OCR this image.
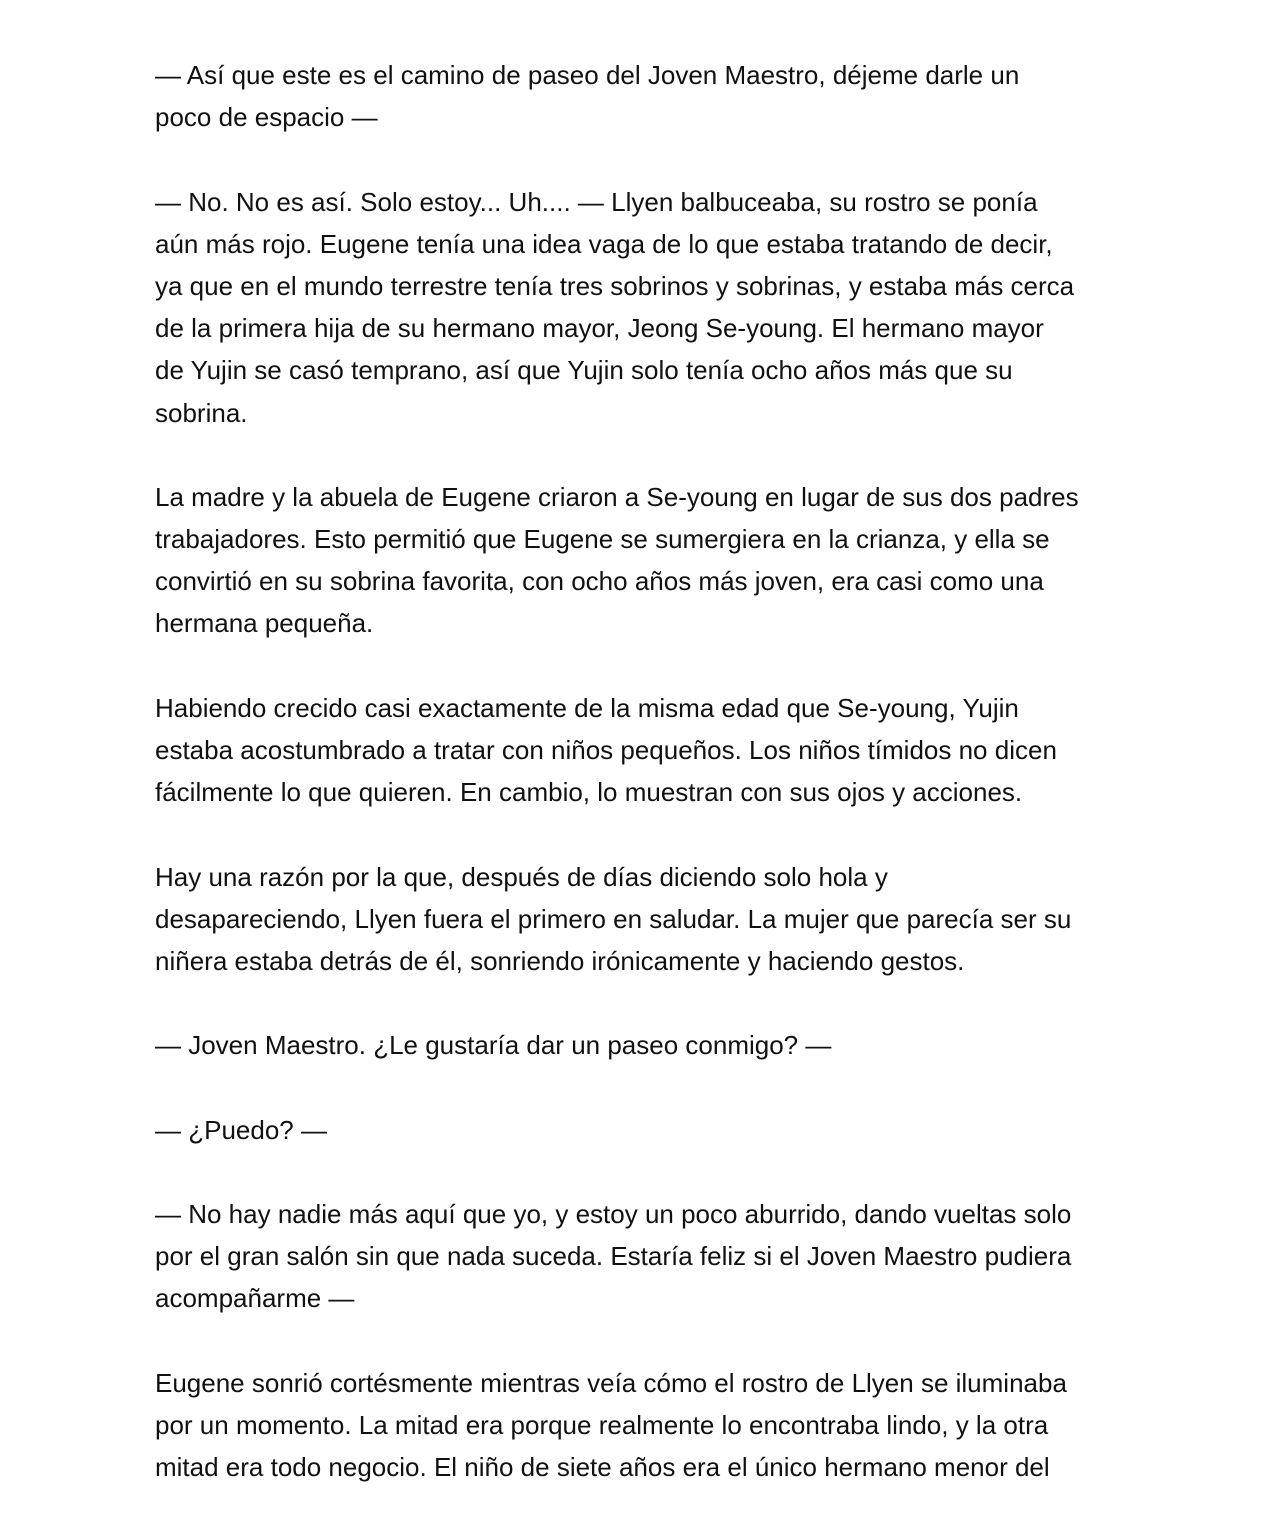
— Así que este es el camino de paseo del Joven Maestro, déjeme darle un
poco de espacio —

— No. No es así. Solo estoy... Uh.... — Llyen balbuceaba, su rostro se ponía
aún más rojo. Eugene tenía una idea vaga de lo que estaba tratando de decir,
ya que en el mundo terrestre tenía tres sobrinos y sobrinas, y estaba más cerca
de la primera hija de su hermano mayor, Jeong Se-young. El hermano mayor
de Yujin se casó temprano, así que Yujin solo tenía ocho años más que su
sobrina.

La madre y la abuela de Eugene criaron a Se-young en lugar de sus dos padres
trabajadores. Esto permitió que Eugene se sumergiera en la crianza, y ella se
convirtió en su sobrina favorita, con ocho años más joven, era casi como una
hermana pequeña.

Habiendo crecido casi exactamente de la misma edad que Se-young, Yujin
estaba acostumbrado a tratar con niños pequeños. Los niños tímidos no dicen
fácilmente lo que quieren. En cambio, lo muestran con sus ojos y acciones.

Hay una razón por la que, después de días diciendo solo hola y
desapareciendo, Llyen fuera el primero en saludar. La mujer que parecía ser su
niñera estaba detrás de él, sonriendo irónicamente y haciendo gestos.

— Joven Maestro. ¿Le gustaría dar un paseo conmigo? —

— ¿Puedo? —

— No hay nadie más aquí que yo, y estoy un poco aburrido, dando vueltas solo
por el gran salón sin que nada suceda. Estaría feliz si el Joven Maestro pudiera
acompañarme —

Eugene sonrió cortésmente mientras veía cómo el rostro de Llyen se iluminaba
por un momento. La mitad era porque realmente lo encontraba lindo, y la otra
mitad era todo negocio. El niño de siete años era el único hermano menor del
